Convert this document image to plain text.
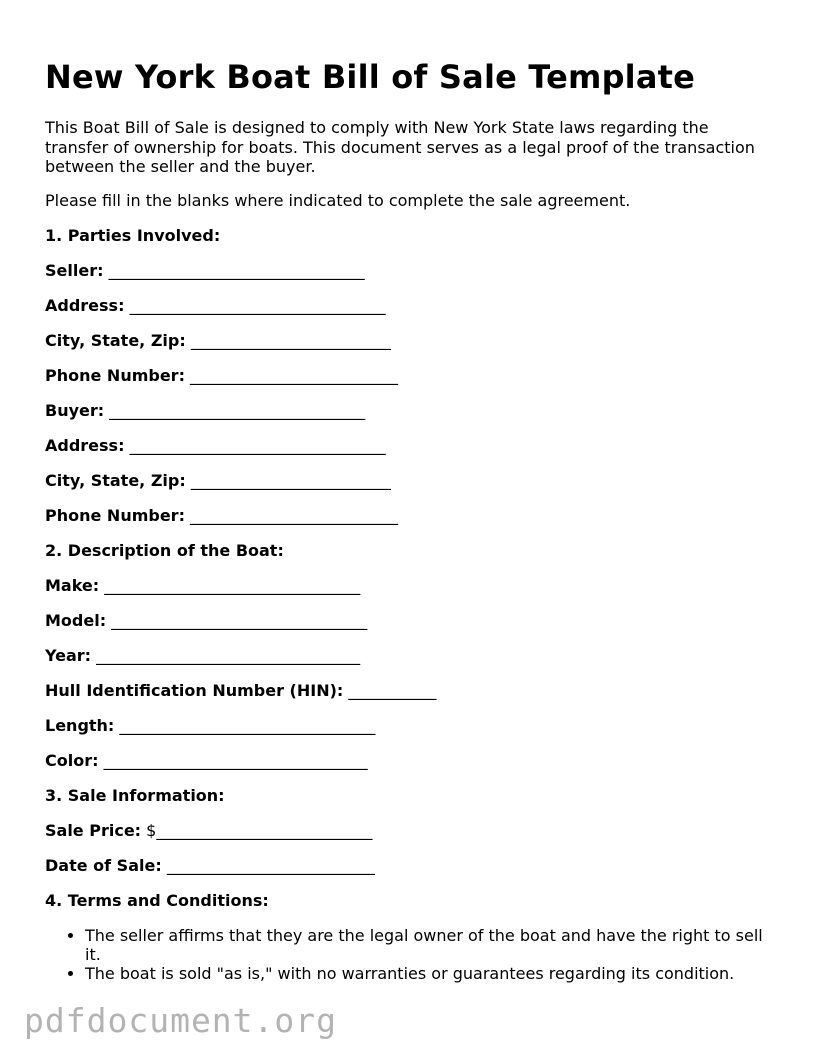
New York Boat Bill of Sale Template

This Boat Bill of Sale is designed to comply with New York State laws regarding the transfer of ownership for boats. This document serves as a legal proof of the transaction between the seller and the buyer.

Please fill in the blanks where indicated to complete the sale agreement.

1. Parties Involved:
Seller: ________________________________
Address: ________________________________
City, State, Zip: _________________________
Phone Number: __________________________
Buyer: ________________________________
Address: ________________________________
City, State, Zip: _________________________
Phone Number: __________________________
2. Description of the Boat:
Make: ________________________________
Model: ________________________________
Year: _________________________________
Hull Identification Number (HIN): ___________
Length: ________________________________
Color: _________________________________
3. Sale Information:
Sale Price: $___________________________
Date of Sale: __________________________
4. Terms and Conditions:
• The seller affirms that they are the legal owner of the boat and have the right to sell it.
• The boat is sold "as is," with no warranties or guarantees regarding its condition.
pdfdocument.org
